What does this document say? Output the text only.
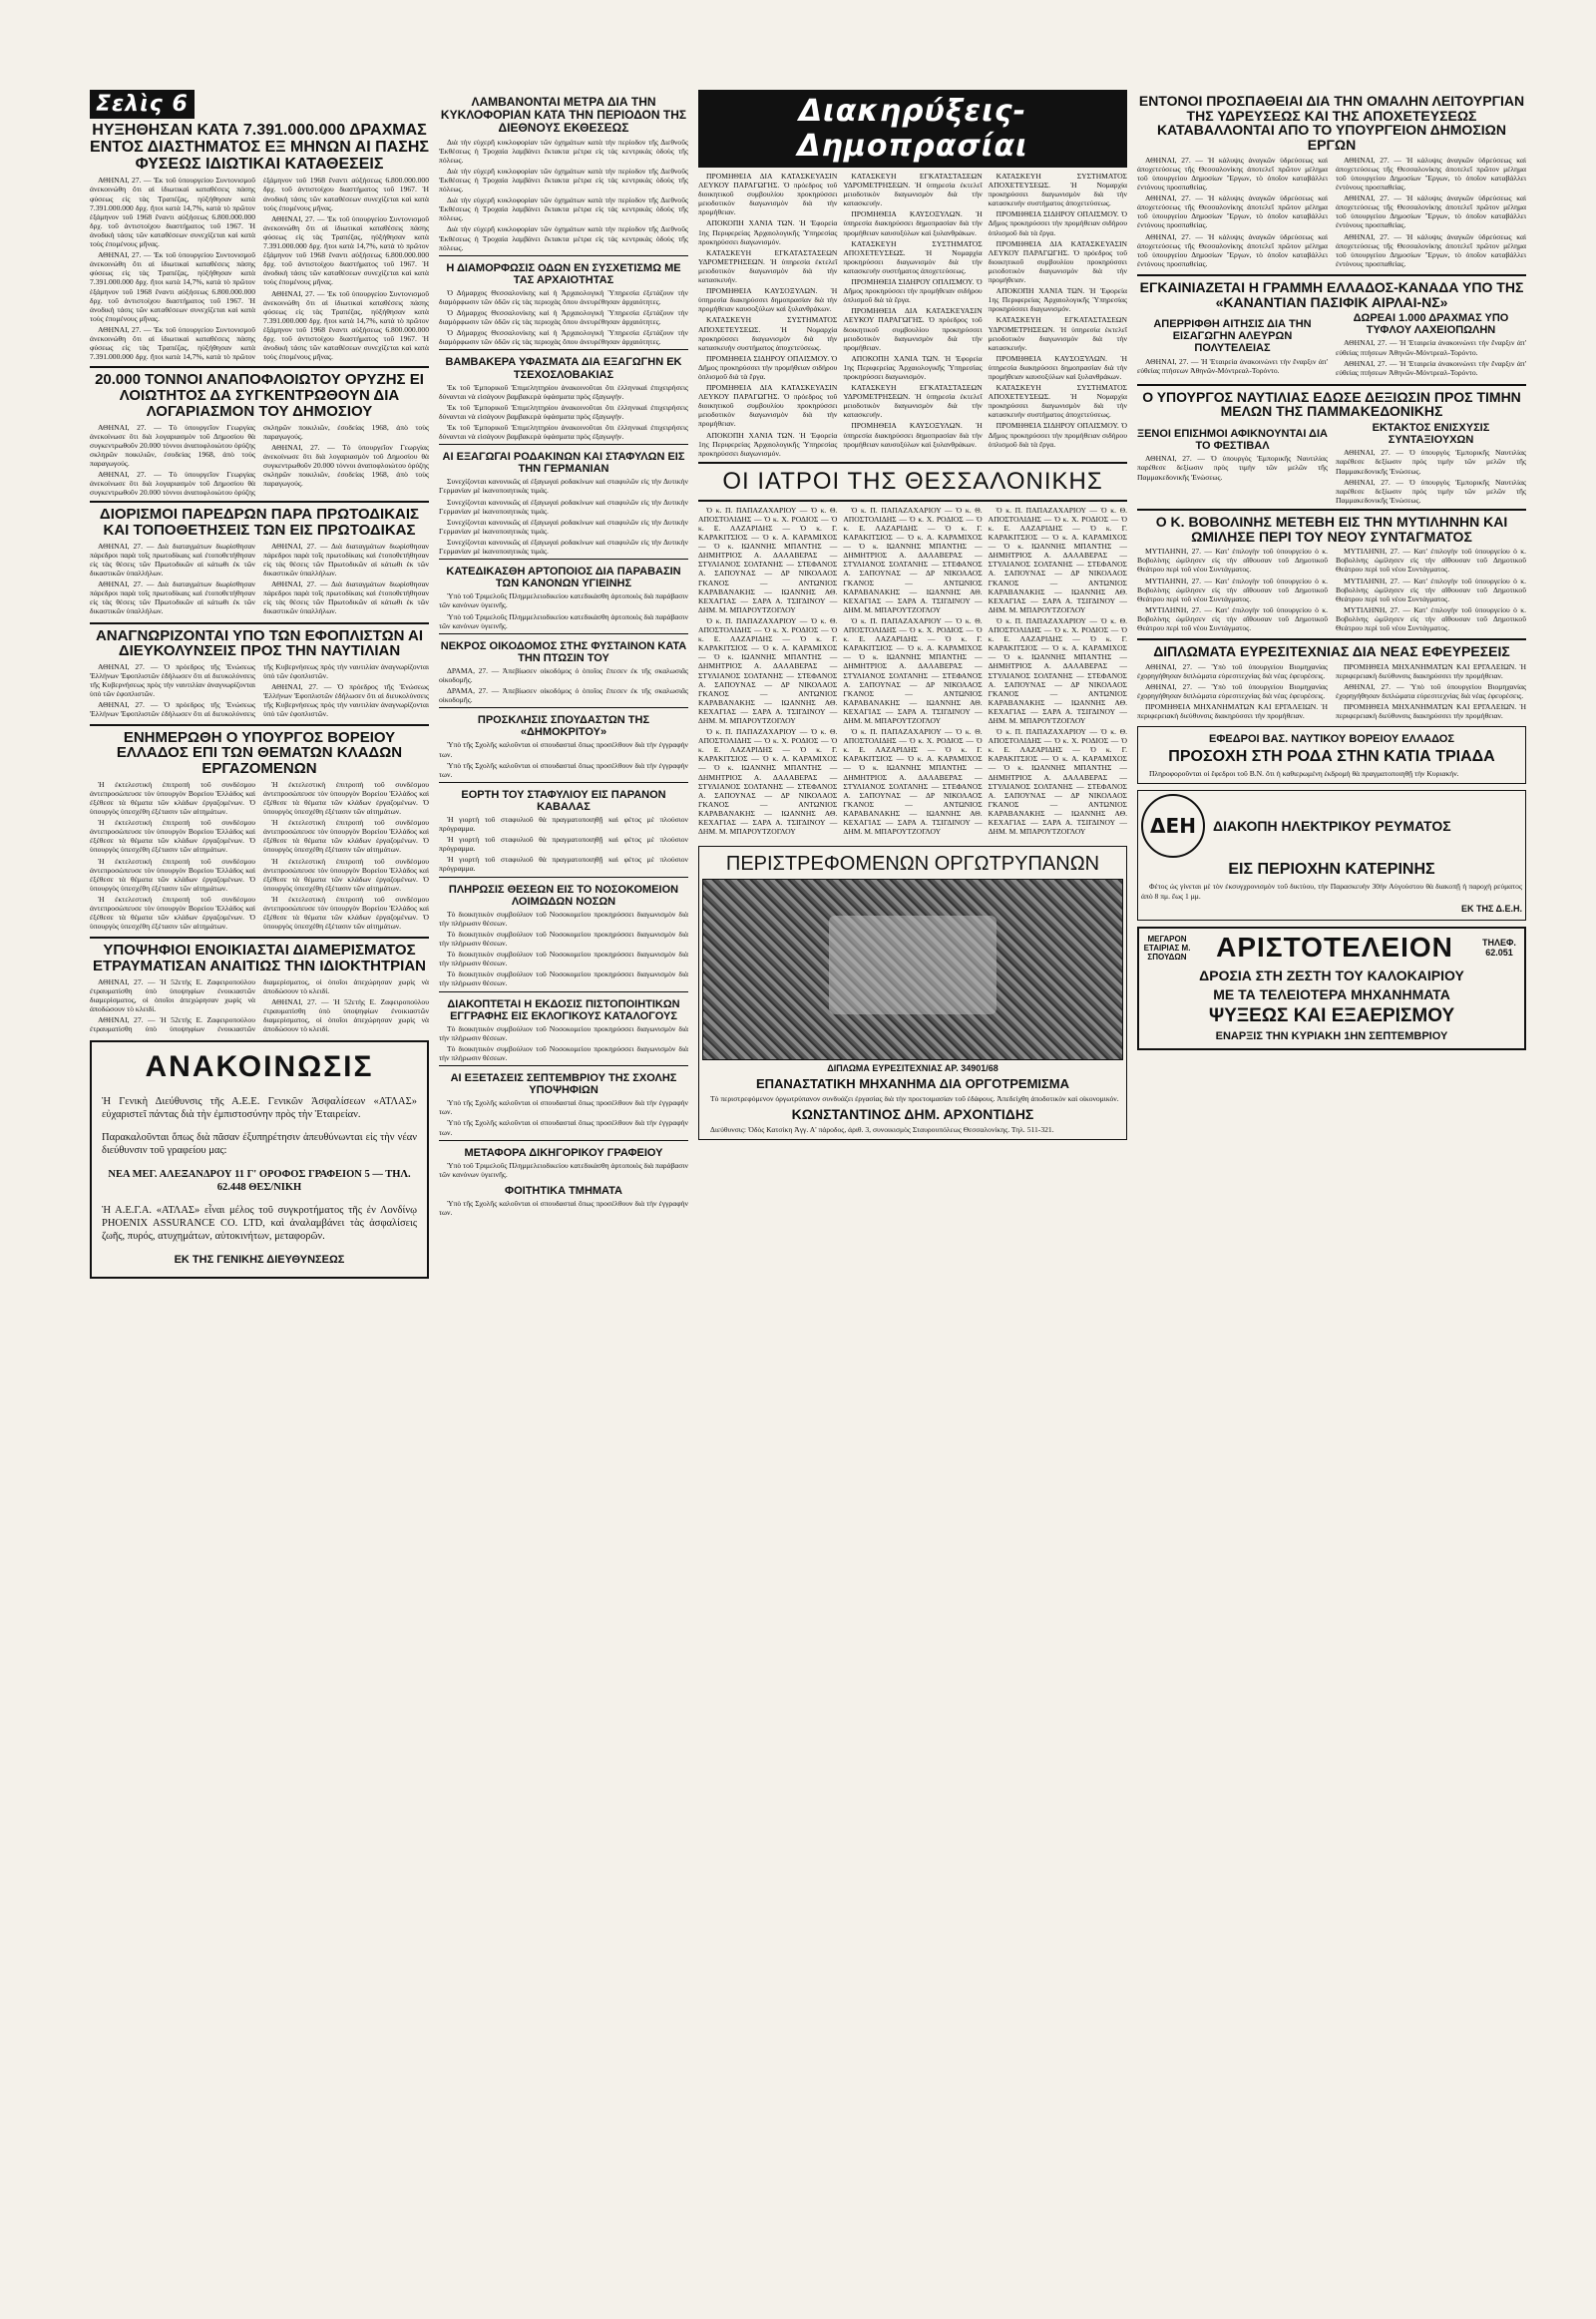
Σελὶς 6
ΗΥΞΗΘΗΣΑΝ ΚΑΤΑ 7.391.000.000 ΔΡΑΧΜΑΣ ΕΝΤΟΣ ΔΙΑΣΤΗΜΑΤΟΣ ΕΞ ΜΗΝΩΝ ΑΙ ΠΑΣΗΣ ΦΥΣΕΩΣ ΙΔΙΩΤΙΚΑΙ ΚΑΤΑΘΕΣΕΙΣ

ΑΘΗΝΑΙ, 27. — Ἐκ τοῦ ὑπουργείου Συντονισμοῦ ἀνεκοινώθη ὅτι αἱ ἰδιωτικαὶ καταθέσεις πάσης φύσεως εἰς τὰς Τραπέζας, ηὐξήθησαν κατὰ 7.391.000.000 δρχ. ἤτοι κατὰ 14,7%, κατὰ τὸ πρῶτον ἑξάμηνον τοῦ 1968 ἔναντι αὐξήσεως 6.800.000.000 δρχ. τοῦ ἀντιστοίχου διαστήματος τοῦ 1967. Ἡ ἀνοδικὴ τάσις τῶν καταθέσεων συνεχίζεται καὶ κατὰ τοὺς ἐπομένους μῆνας.

ΑΘΗΝΑΙ, 27. — Ἐκ τοῦ ὑπουργείου Συντονισμοῦ ἀνεκοινώθη ὅτι αἱ ἰδιωτικαὶ καταθέσεις πάσης φύσεως εἰς τὰς Τραπέζας, ηὐξήθησαν κατὰ 7.391.000.000 δρχ. ἤτοι κατὰ 14,7%, κατὰ τὸ πρῶτον ἑξάμηνον τοῦ 1968 ἔναντι αὐξήσεως 6.800.000.000 δρχ. τοῦ ἀντιστοίχου διαστήματος τοῦ 1967. Ἡ ἀνοδικὴ τάσις τῶν καταθέσεων συνεχίζεται καὶ κατὰ τοὺς ἐπομένους μῆνας.

ΑΘΗΝΑΙ, 27. — Ἐκ τοῦ ὑπουργείου Συντονισμοῦ ἀνεκοινώθη ὅτι αἱ ἰδιωτικαὶ καταθέσεις πάσης φύσεως εἰς τὰς Τραπέζας, ηὐξήθησαν κατὰ 7.391.000.000 δρχ. ἤτοι κατὰ 14,7%, κατὰ τὸ πρῶτον ἑξάμηνον τοῦ 1968 ἔναντι αὐξήσεως 6.800.000.000 δρχ. τοῦ ἀντιστοίχου διαστήματος τοῦ 1967. Ἡ ἀνοδικὴ τάσις τῶν καταθέσεων συνεχίζεται καὶ κατὰ τοὺς ἐπομένους μῆνας.

ΑΘΗΝΑΙ, 27. — Ἐκ τοῦ ὑπουργείου Συντονισμοῦ ἀνεκοινώθη ὅτι αἱ ἰδιωτικαὶ καταθέσεις πάσης φύσεως εἰς τὰς Τραπέζας, ηὐξήθησαν κατὰ 7.391.000.000 δρχ. ἤτοι κατὰ 14,7%, κατὰ τὸ πρῶτον ἑξάμηνον τοῦ 1968 ἔναντι αὐξήσεως 6.800.000.000 δρχ. τοῦ ἀντιστοίχου διαστήματος τοῦ 1967. Ἡ ἀνοδικὴ τάσις τῶν καταθέσεων συνεχίζεται καὶ κατὰ τοὺς ἐπομένους μῆνας.

ΑΘΗΝΑΙ, 27. — Ἐκ τοῦ ὑπουργείου Συντονισμοῦ ἀνεκοινώθη ὅτι αἱ ἰδιωτικαὶ καταθέσεις πάσης φύσεως εἰς τὰς Τραπέζας, ηὐξήθησαν κατὰ 7.391.000.000 δρχ. ἤτοι κατὰ 14,7%, κατὰ τὸ πρῶτον ἑξάμηνον τοῦ 1968 ἔναντι αὐξήσεως 6.800.000.000 δρχ. τοῦ ἀντιστοίχου διαστήματος τοῦ 1967. Ἡ ἀνοδικὴ τάσις τῶν καταθέσεων συνεχίζεται καὶ κατὰ τοὺς ἐπομένους μῆνας.

20.000 ΤΟΝΝΟΙ ΑΝΑΠΟΦΛΟΙΩΤΟΥ ΟΡΥΖΗΣ ΕΙ ΛΟΙΩΤΗΤΟΣ ΔΑ ΣΥΓΚΕΝΤΡΩΘΟΥΝ ΔΙΑ ΛΟΓΑΡΙΑΣΜΟΝ ΤΟΥ ΔΗΜΟΣΙΟΥ

ΑΘΗΝΑΙ, 27. — Τὸ ὑπουργεῖον Γεωργίας ἀνεκοίνωσε ὅτι διὰ λογαριασμὸν τοῦ Δημοσίου θὰ συγκεντρωθοῦν 20.000 τόννοι ἀναποφλοιώτου ὀρύζης σκληρῶν ποικιλιῶν, ἐσοδείας 1968, ἀπὸ τοὺς παραγωγούς.

ΑΘΗΝΑΙ, 27. — Τὸ ὑπουργεῖον Γεωργίας ἀνεκοίνωσε ὅτι διὰ λογαριασμὸν τοῦ Δημοσίου θὰ συγκεντρωθοῦν 20.000 τόννοι ἀναποφλοιώτου ὀρύζης σκληρῶν ποικιλιῶν, ἐσοδείας 1968, ἀπὸ τοὺς παραγωγούς.

ΑΘΗΝΑΙ, 27. — Τὸ ὑπουργεῖον Γεωργίας ἀνεκοίνωσε ὅτι διὰ λογαριασμὸν τοῦ Δημοσίου θὰ συγκεντρωθοῦν 20.000 τόννοι ἀναποφλοιώτου ὀρύζης σκληρῶν ποικιλιῶν, ἐσοδείας 1968, ἀπὸ τοὺς παραγωγούς.

ΔΙΟΡΙΣΜΟΙ ΠΑΡΕΔΡΩΝ ΠΑΡΑ ΠΡΩΤΟΔΙΚΑΙΣ ΚΑΙ ΤΟΠΟΘΕΤΗΣΕΙΣ ΤΩΝ ΕΙΣ ΠΡΩΤΟΔΙΚΑΣ

ΑΘΗΝΑΙ, 27. — Διὰ διαταγμάτων διωρίσθησαν πάρεδροι παρὰ τοῖς πρωτοδίκαις καὶ ἐτοποθετήθησαν εἰς τὰς θέσεις τῶν Πρωτοδικῶν αἱ κάτωθι ἐκ τῶν δικαστικῶν ὑπαλλήλων.

ΑΘΗΝΑΙ, 27. — Διὰ διαταγμάτων διωρίσθησαν πάρεδροι παρὰ τοῖς πρωτοδίκαις καὶ ἐτοποθετήθησαν εἰς τὰς θέσεις τῶν Πρωτοδικῶν αἱ κάτωθι ἐκ τῶν δικαστικῶν ὑπαλλήλων.

ΑΘΗΝΑΙ, 27. — Διὰ διαταγμάτων διωρίσθησαν πάρεδροι παρὰ τοῖς πρωτοδίκαις καὶ ἐτοποθετήθησαν εἰς τὰς θέσεις τῶν Πρωτοδικῶν αἱ κάτωθι ἐκ τῶν δικαστικῶν ὑπαλλήλων.

ΑΘΗΝΑΙ, 27. — Διὰ διαταγμάτων διωρίσθησαν πάρεδροι παρὰ τοῖς πρωτοδίκαις καὶ ἐτοποθετήθησαν εἰς τὰς θέσεις τῶν Πρωτοδικῶν αἱ κάτωθι ἐκ τῶν δικαστικῶν ὑπαλλήλων.

ΑΝΑΓΝΩΡΙΖΟΝΤΑΙ ΥΠΟ ΤΩΝ ΕΦΟΠΛΙΣΤΩΝ ΑΙ ΔΙΕΥΚΟΛΥΝΣΕΙΣ ΠΡΟΣ ΤΗΝ ΝΑΥΤΙΛΙΑΝ

ΑΘΗΝΑΙ, 27. — Ὁ πρόεδρος τῆς Ἑνώσεως Ἑλλήνων Ἐφοπλιστῶν ἐδήλωσεν ὅτι αἱ διευκολύνσεις τῆς Κυβερνήσεως πρὸς τὴν ναυτιλίαν ἀναγνωρίζονται ὑπὸ τῶν ἐφοπλιστῶν.

ΑΘΗΝΑΙ, 27. — Ὁ πρόεδρος τῆς Ἑνώσεως Ἑλλήνων Ἐφοπλιστῶν ἐδήλωσεν ὅτι αἱ διευκολύνσεις τῆς Κυβερνήσεως πρὸς τὴν ναυτιλίαν ἀναγνωρίζονται ὑπὸ τῶν ἐφοπλιστῶν.

ΑΘΗΝΑΙ, 27. — Ὁ πρόεδρος τῆς Ἑνώσεως Ἑλλήνων Ἐφοπλιστῶν ἐδήλωσεν ὅτι αἱ διευκολύνσεις τῆς Κυβερνήσεως πρὸς τὴν ναυτιλίαν ἀναγνωρίζονται ὑπὸ τῶν ἐφοπλιστῶν.

ΕΝΗΜΕΡΩΘΗ Ο ΥΠΟΥΡΓΟΣ ΒΟΡΕΙΟΥ ΕΛΛΑΔΟΣ ΕΠΙ ΤΩΝ ΘΕΜΑΤΩΝ ΚΛΑΔΩΝ ΕΡΓΑΖΟΜΕΝΩΝ

Ἡ ἐκτελεστικὴ ἐπιτροπὴ τοῦ συνδέσμου ἀντεπροσώπευσε τὸν ὑπουργὸν Βορείου Ἑλλάδος καὶ ἐξέθεσε τὰ θέματα τῶν κλάδων ἐργαζομένων. Ὁ ὑπουργὸς ὑπεσχέθη ἐξέτασιν τῶν αἰτημάτων.

Ἡ ἐκτελεστικὴ ἐπιτροπὴ τοῦ συνδέσμου ἀντεπροσώπευσε τὸν ὑπουργὸν Βορείου Ἑλλάδος καὶ ἐξέθεσε τὰ θέματα τῶν κλάδων ἐργαζομένων. Ὁ ὑπουργὸς ὑπεσχέθη ἐξέτασιν τῶν αἰτημάτων.

Ἡ ἐκτελεστικὴ ἐπιτροπὴ τοῦ συνδέσμου ἀντεπροσώπευσε τὸν ὑπουργὸν Βορείου Ἑλλάδος καὶ ἐξέθεσε τὰ θέματα τῶν κλάδων ἐργαζομένων. Ὁ ὑπουργὸς ὑπεσχέθη ἐξέτασιν τῶν αἰτημάτων.

Ἡ ἐκτελεστικὴ ἐπιτροπὴ τοῦ συνδέσμου ἀντεπροσώπευσε τὸν ὑπουργὸν Βορείου Ἑλλάδος καὶ ἐξέθεσε τὰ θέματα τῶν κλάδων ἐργαζομένων. Ὁ ὑπουργὸς ὑπεσχέθη ἐξέτασιν τῶν αἰτημάτων.

Ἡ ἐκτελεστικὴ ἐπιτροπὴ τοῦ συνδέσμου ἀντεπροσώπευσε τὸν ὑπουργὸν Βορείου Ἑλλάδος καὶ ἐξέθεσε τὰ θέματα τῶν κλάδων ἐργαζομένων. Ὁ ὑπουργὸς ὑπεσχέθη ἐξέτασιν τῶν αἰτημάτων.

Ἡ ἐκτελεστικὴ ἐπιτροπὴ τοῦ συνδέσμου ἀντεπροσώπευσε τὸν ὑπουργὸν Βορείου Ἑλλάδος καὶ ἐξέθεσε τὰ θέματα τῶν κλάδων ἐργαζομένων. Ὁ ὑπουργὸς ὑπεσχέθη ἐξέτασιν τῶν αἰτημάτων.

Ἡ ἐκτελεστικὴ ἐπιτροπὴ τοῦ συνδέσμου ἀντεπροσώπευσε τὸν ὑπουργὸν Βορείου Ἑλλάδος καὶ ἐξέθεσε τὰ θέματα τῶν κλάδων ἐργαζομένων. Ὁ ὑπουργὸς ὑπεσχέθη ἐξέτασιν τῶν αἰτημάτων.

Ἡ ἐκτελεστικὴ ἐπιτροπὴ τοῦ συνδέσμου ἀντεπροσώπευσε τὸν ὑπουργὸν Βορείου Ἑλλάδος καὶ ἐξέθεσε τὰ θέματα τῶν κλάδων ἐργαζομένων. Ὁ ὑπουργὸς ὑπεσχέθη ἐξέτασιν τῶν αἰτημάτων.

ΥΠΟΨΗΦΙΟΙ ΕΝΟΙΚΙΑΣΤΑΙ ΔΙΑΜΕΡΙΣΜΑΤΟΣ ΕΤΡΑΥΜΑΤΙΣΑΝ ΑΝΑΙΤΙΩΣ ΤΗΝ ΙΔΙΟΚΤΗΤΡΙΑΝ

ΑΘΗΝΑΙ, 27. — Ἡ 52ετὴς Ε. Ζαφειροπούλου ἐτραυματίσθη ὑπὸ ὑποψηφίων ἐνοικιαστῶν διαμερίσματος, οἱ ὁποῖοι ἀπεχώρησαν χωρὶς νὰ ἀποδώσουν τὸ κλειδί.

ΑΘΗΝΑΙ, 27. — Ἡ 52ετὴς Ε. Ζαφειροπούλου ἐτραυματίσθη ὑπὸ ὑποψηφίων ἐνοικιαστῶν διαμερίσματος, οἱ ὁποῖοι ἀπεχώρησαν χωρὶς νὰ ἀποδώσουν τὸ κλειδί.

ΑΘΗΝΑΙ, 27. — Ἡ 52ετὴς Ε. Ζαφειροπούλου ἐτραυματίσθη ὑπὸ ὑποψηφίων ἐνοικιαστῶν διαμερίσματος, οἱ ὁποῖοι ἀπεχώρησαν χωρὶς νὰ ἀποδώσουν τὸ κλειδί.

ΑΝΑΚΟΙΝΩΣΙΣ

Ἡ Γενικὴ Διεύθυνσις τῆς Α.Ε.Ε. Γενικῶν Ἀσφαλίσεων «ΑΤΛΑΣ» εὐχαριστεῖ πάντας διὰ τὴν ἐμπιστοσύνην πρὸς τὴν Ἑταιρείαν.

Παρακαλοῦνται ὅπως διὰ πᾶσαν ἐξυπηρέτησιν ἀπευθύνωνται εἰς τὴν νέαν διεύθυνσιν τοῦ γραφείου μας:

ΝΕΑ ΜΕΓ. ΑΛΕΞΑΝΔΡΟΥ 11 Γ' ΟΡΟΦΟΣ ΓΡΑΦΕΙΟΝ 5 — ΤΗΛ. 62.448 ΘΕΣ/ΝΙΚΗ

Ἡ Α.Ε.Γ.Α. «ΑΤΛΑΣ» εἶναι μέλος τοῦ συγκροτήματος τῆς ἐν Λονδίνῳ PHOENIX ASSURANCE CO. LTD, καὶ ἀναλαμβάνει τὰς ἀσφαλίσεις ζωῆς, πυρός, ατυχημάτων, αὐτοκινήτων, μεταφορῶν.

ΕΚ ΤΗΣ ΓΕΝΙΚΗΣ ΔΙΕΥΘΥΝΣΕΩΣ
ΛΑΜΒΑΝΟΝΤΑΙ ΜΕΤΡΑ ΔΙΑ ΤΗΝ ΚΥΚΛΟΦΟΡΙΑΝ ΚΑΤΑ ΤΗΝ ΠΕΡΙΟΔΟΝ ΤΗΣ ΔΙΕΘΝΟΥΣ ΕΚΘΕΣΕΩΣ

Διὰ τὴν εὐχερῆ κυκλοφορίαν τῶν ὀχημάτων κατὰ τὴν περίοδον τῆς Διεθνοῦς Ἐκθέσεως ἡ Τροχαία λαμβάνει ἔκτακτα μέτρα εἰς τὰς κεντρικὰς ὁδοὺς τῆς πόλεως.

Διὰ τὴν εὐχερῆ κυκλοφορίαν τῶν ὀχημάτων κατὰ τὴν περίοδον τῆς Διεθνοῦς Ἐκθέσεως ἡ Τροχαία λαμβάνει ἔκτακτα μέτρα εἰς τὰς κεντρικὰς ὁδοὺς τῆς πόλεως.

Διὰ τὴν εὐχερῆ κυκλοφορίαν τῶν ὀχημάτων κατὰ τὴν περίοδον τῆς Διεθνοῦς Ἐκθέσεως ἡ Τροχαία λαμβάνει ἔκτακτα μέτρα εἰς τὰς κεντρικὰς ὁδοὺς τῆς πόλεως.

Διὰ τὴν εὐχερῆ κυκλοφορίαν τῶν ὀχημάτων κατὰ τὴν περίοδον τῆς Διεθνοῦς Ἐκθέσεως ἡ Τροχαία λαμβάνει ἔκτακτα μέτρα εἰς τὰς κεντρικὰς ὁδοὺς τῆς πόλεως.

Η ΔΙΑΜΟΡΦΩΣΙΣ ΟΔΩΝ ΕΝ ΣΥΣΧΕΤΙΣΜΩ ΜΕ ΤΑΣ ΑΡΧΑΙΟΤΗΤΑΣ

Ὁ Δήμαρχος Θεσσαλονίκης καὶ ἡ Ἀρχαιολογικὴ Ὑπηρεσία ἐξετάζουν τὴν διαμόρφωσιν τῶν ὁδῶν εἰς τὰς περιοχὰς ὅπου ἀνευρέθησαν ἀρχαιότητες.

Ὁ Δήμαρχος Θεσσαλονίκης καὶ ἡ Ἀρχαιολογικὴ Ὑπηρεσία ἐξετάζουν τὴν διαμόρφωσιν τῶν ὁδῶν εἰς τὰς περιοχὰς ὅπου ἀνευρέθησαν ἀρχαιότητες.

Ὁ Δήμαρχος Θεσσαλονίκης καὶ ἡ Ἀρχαιολογικὴ Ὑπηρεσία ἐξετάζουν τὴν διαμόρφωσιν τῶν ὁδῶν εἰς τὰς περιοχὰς ὅπου ἀνευρέθησαν ἀρχαιότητες.

ΒΑΜΒΑΚΕΡΑ ΥΦΑΣΜΑΤΑ ΔΙΑ ΕΞΑΓΩΓΗΝ ΕΚ ΤΣΕΧΟΣΛΟΒΑΚΙΑΣ

Ἐκ τοῦ Ἐμπορικοῦ Ἐπιμελητηρίου ἀνακοινοῦται ὅτι ἑλληνικαὶ ἐπιχειρήσεις δύνανται νὰ εἰσάγουν βαμβακερὰ ὑφάσματα πρὸς ἐξαγωγήν.

Ἐκ τοῦ Ἐμπορικοῦ Ἐπιμελητηρίου ἀνακοινοῦται ὅτι ἑλληνικαὶ ἐπιχειρήσεις δύνανται νὰ εἰσάγουν βαμβακερὰ ὑφάσματα πρὸς ἐξαγωγήν.

Ἐκ τοῦ Ἐμπορικοῦ Ἐπιμελητηρίου ἀνακοινοῦται ὅτι ἑλληνικαὶ ἐπιχειρήσεις δύνανται νὰ εἰσάγουν βαμβακερὰ ὑφάσματα πρὸς ἐξαγωγήν.

ΑΙ ΕΞΑΓΩΓΑΙ ΡΟΔΑΚΙΝΩΝ ΚΑΙ ΣΤΑΦΥΛΩΝ ΕΙΣ ΤΗΝ ΓΕΡΜΑΝΙΑΝ

Συνεχίζονται κανονικῶς αἱ ἐξαγωγαὶ ροδακίνων καὶ σταφυλῶν εἰς τὴν Δυτικὴν Γερμανίαν μὲ ἱκανοποιητικὰς τιμάς.

Συνεχίζονται κανονικῶς αἱ ἐξαγωγαὶ ροδακίνων καὶ σταφυλῶν εἰς τὴν Δυτικὴν Γερμανίαν μὲ ἱκανοποιητικὰς τιμάς.

Συνεχίζονται κανονικῶς αἱ ἐξαγωγαὶ ροδακίνων καὶ σταφυλῶν εἰς τὴν Δυτικὴν Γερμανίαν μὲ ἱκανοποιητικὰς τιμάς.

Συνεχίζονται κανονικῶς αἱ ἐξαγωγαὶ ροδακίνων καὶ σταφυλῶν εἰς τὴν Δυτικὴν Γερμανίαν μὲ ἱκανοποιητικὰς τιμάς.

ΚΑΤΕΔΙΚΑΣΘΗ ΑΡΤΟΠΟΙΟΣ ΔΙΑ ΠΑΡΑΒΑΣΙΝ ΤΩΝ ΚΑΝΟΝΩΝ ΥΓΙΕΙΝΗΣ

Ὑπὸ τοῦ Τριμελοῦς Πλημμελειοδικείου κατεδικάσθη ἀρτοποιὸς διὰ παράβασιν τῶν κανόνων ὑγιεινῆς.

Ὑπὸ τοῦ Τριμελοῦς Πλημμελειοδικείου κατεδικάσθη ἀρτοποιὸς διὰ παράβασιν τῶν κανόνων ὑγιεινῆς.

ΝΕΚΡΟΣ ΟΙΚΟΔΟΜΟΣ ΣΤΗΣ ΦΥΣΤΑΙΝΟΝ ΚΑΤΑ ΤΗΝ ΠΤΩΣΙΝ ΤΟΥ

ΔΡΑΜΑ, 27. — Ἀπεβίωσεν οἰκοδόμος ὁ ὁποῖος ἔπεσεν ἐκ τῆς σκαλωσιᾶς οἰκοδομῆς.

ΔΡΑΜΑ, 27. — Ἀπεβίωσεν οἰκοδόμος ὁ ὁποῖος ἔπεσεν ἐκ τῆς σκαλωσιᾶς οἰκοδομῆς.

ΠΡΟΣΚΛΗΣΙΣ ΣΠΟΥΔΑΣΤΩΝ ΤΗΣ «ΔΗΜΟΚΡΙΤΟΥ»

Ὑπὸ τῆς Σχολῆς καλοῦνται οἱ σπουδασταὶ ὅπως προσέλθουν διὰ τὴν ἐγγραφήν των.

Ὑπὸ τῆς Σχολῆς καλοῦνται οἱ σπουδασταὶ ὅπως προσέλθουν διὰ τὴν ἐγγραφήν των.

ΕΟΡΤΗ ΤΟΥ ΣΤΑΦΥΛΙΟΥ ΕΙΣ ΠΑΡΑΝΟΝ ΚΑΒΑΛΑΣ

Ἡ γιορτὴ τοῦ σταφυλιοῦ θὰ πραγματοποιηθῇ καὶ φέτος μὲ πλούσιον πρόγραμμα.

Ἡ γιορτὴ τοῦ σταφυλιοῦ θὰ πραγματοποιηθῇ καὶ φέτος μὲ πλούσιον πρόγραμμα.

Ἡ γιορτὴ τοῦ σταφυλιοῦ θὰ πραγματοποιηθῇ καὶ φέτος μὲ πλούσιον πρόγραμμα.

ΠΛΗΡΩΣΙΣ ΘΕΣΕΩΝ ΕΙΣ ΤΟ ΝΟΣΟΚΟΜΕΙΟΝ ΛΟΙΜΩΔΩΝ ΝΟΣΩΝ

Τὸ διοικητικὸν συμβούλιον τοῦ Νοσοκομείου προκηρύσσει διαγωνισμὸν διὰ τὴν πλήρωσιν θέσεων.

Τὸ διοικητικὸν συμβούλιον τοῦ Νοσοκομείου προκηρύσσει διαγωνισμὸν διὰ τὴν πλήρωσιν θέσεων.

Τὸ διοικητικὸν συμβούλιον τοῦ Νοσοκομείου προκηρύσσει διαγωνισμὸν διὰ τὴν πλήρωσιν θέσεων.

Τὸ διοικητικὸν συμβούλιον τοῦ Νοσοκομείου προκηρύσσει διαγωνισμὸν διὰ τὴν πλήρωσιν θέσεων.

ΔΙΑΚΟΠΤΕΤΑΙ Η ΕΚΔΟΣΙΣ ΠΙΣΤΟΠΟΙΗΤΙΚΩΝ ΕΓΓΡΑΦΗΣ ΕΙΣ ΕΚΛΟΓΙΚΟΥΣ ΚΑΤΑΛΟΓΟΥΣ

Τὸ διοικητικὸν συμβούλιον τοῦ Νοσοκομείου προκηρύσσει διαγωνισμὸν διὰ τὴν πλήρωσιν θέσεων.

Τὸ διοικητικὸν συμβούλιον τοῦ Νοσοκομείου προκηρύσσει διαγωνισμὸν διὰ τὴν πλήρωσιν θέσεων.

ΑΙ ΕΞΕΤΑΣΕΙΣ ΣΕΠΤΕΜΒΡΙΟΥ ΤΗΣ ΣΧΟΛΗΣ ΥΠΟΨΗΦΙΩΝ

Ὑπὸ τῆς Σχολῆς καλοῦνται οἱ σπουδασταὶ ὅπως προσέλθουν διὰ τὴν ἐγγραφήν των.

Ὑπὸ τῆς Σχολῆς καλοῦνται οἱ σπουδασταὶ ὅπως προσέλθουν διὰ τὴν ἐγγραφήν των.

ΜΕΤΑΦΟΡΑ ΔΙΚΗΓΟΡΙΚΟΥ ΓΡΑΦΕΙΟΥ

Ὑπὸ τοῦ Τριμελοῦς Πλημμελειοδικείου κατεδικάσθη ἀρτοποιὸς διὰ παράβασιν τῶν κανόνων ὑγιεινῆς.

ΦΟΙΤΗΤΙΚΑ ΤΜΗΜΑΤΑ

Ὑπὸ τῆς Σχολῆς καλοῦνται οἱ σπουδασταὶ ὅπως προσέλθουν διὰ τὴν ἐγγραφήν των.

Διακηρύξεις-Δημοπρασίαι

ΠΡΟΜΗΘΕΙΑ ΔΙΑ ΚΑΤΑΣΚΕΥΑΣΙΝ ΛΕΥΚΟΥ ΠΑΡΑΓΩΓΗΣ. Ὁ πρόεδρος τοῦ διοικητικοῦ συμβουλίου προκηρύσσει μειοδοτικὸν διαγωνισμὸν διὰ τὴν προμήθειαν.

ΑΠΟΚΟΠΗ ΧΑΝΙΑ ΤΩΝ. Ἡ Ἐφορεία 1ης Περιφερείας Ἀρχαιολογικῆς Ὑπηρεσίας προκηρύσσει διαγωνισμόν.

ΚΑΤΑΣΚΕΥΗ ΕΓΚΑΤΑΣΤΑΣΕΩΝ ΥΔΡΟΜΕΤΡΗΣΕΩΝ. Ἡ ὑπηρεσία ἐκτελεῖ μειοδοτικὸν διαγωνισμὸν διὰ τὴν κατασκευήν.

ΠΡΟΜΗΘΕΙΑ ΚΑΥΣΟΞΥΛΩΝ. Ἡ ὑπηρεσία διακηρύσσει δημοπρασίαν διὰ τὴν προμήθειαν καυσοξύλων καὶ ξυλανθράκων.

ΚΑΤΑΣΚΕΥΗ ΣΥΣΤΗΜΑΤΟΣ ΑΠΟΧΕΤΕΥΣΕΩΣ. Ἡ Νομαρχία προκηρύσσει διαγωνισμὸν διὰ τὴν κατασκευὴν συστήματος ἀποχετεύσεως.

ΠΡΟΜΗΘΕΙΑ ΣΙΔΗΡΟΥ ΟΠΛΙΣΜΟΥ. Ὁ Δῆμος προκηρύσσει τὴν προμήθειαν σιδήρου ὁπλισμοῦ διὰ τὰ ἔργα.

ΠΡΟΜΗΘΕΙΑ ΔΙΑ ΚΑΤΑΣΚΕΥΑΣΙΝ ΛΕΥΚΟΥ ΠΑΡΑΓΩΓΗΣ. Ὁ πρόεδρος τοῦ διοικητικοῦ συμβουλίου προκηρύσσει μειοδοτικὸν διαγωνισμὸν διὰ τὴν προμήθειαν.

ΑΠΟΚΟΠΗ ΧΑΝΙΑ ΤΩΝ. Ἡ Ἐφορεία 1ης Περιφερείας Ἀρχαιολογικῆς Ὑπηρεσίας προκηρύσσει διαγωνισμόν.

ΚΑΤΑΣΚΕΥΗ ΕΓΚΑΤΑΣΤΑΣΕΩΝ ΥΔΡΟΜΕΤΡΗΣΕΩΝ. Ἡ ὑπηρεσία ἐκτελεῖ μειοδοτικὸν διαγωνισμὸν διὰ τὴν κατασκευήν.

ΠΡΟΜΗΘΕΙΑ ΚΑΥΣΟΞΥΛΩΝ. Ἡ ὑπηρεσία διακηρύσσει δημοπρασίαν διὰ τὴν προμήθειαν καυσοξύλων καὶ ξυλανθράκων.

ΚΑΤΑΣΚΕΥΗ ΣΥΣΤΗΜΑΤΟΣ ΑΠΟΧΕΤΕΥΣΕΩΣ. Ἡ Νομαρχία προκηρύσσει διαγωνισμὸν διὰ τὴν κατασκευὴν συστήματος ἀποχετεύσεως.

ΠΡΟΜΗΘΕΙΑ ΣΙΔΗΡΟΥ ΟΠΛΙΣΜΟΥ. Ὁ Δῆμος προκηρύσσει τὴν προμήθειαν σιδήρου ὁπλισμοῦ διὰ τὰ ἔργα.

ΠΡΟΜΗΘΕΙΑ ΔΙΑ ΚΑΤΑΣΚΕΥΑΣΙΝ ΛΕΥΚΟΥ ΠΑΡΑΓΩΓΗΣ. Ὁ πρόεδρος τοῦ διοικητικοῦ συμβουλίου προκηρύσσει μειοδοτικὸν διαγωνισμὸν διὰ τὴν προμήθειαν.

ΑΠΟΚΟΠΗ ΧΑΝΙΑ ΤΩΝ. Ἡ Ἐφορεία 1ης Περιφερείας Ἀρχαιολογικῆς Ὑπηρεσίας προκηρύσσει διαγωνισμόν.

ΚΑΤΑΣΚΕΥΗ ΕΓΚΑΤΑΣΤΑΣΕΩΝ ΥΔΡΟΜΕΤΡΗΣΕΩΝ. Ἡ ὑπηρεσία ἐκτελεῖ μειοδοτικὸν διαγωνισμὸν διὰ τὴν κατασκευήν.

ΠΡΟΜΗΘΕΙΑ ΚΑΥΣΟΞΥΛΩΝ. Ἡ ὑπηρεσία διακηρύσσει δημοπρασίαν διὰ τὴν προμήθειαν καυσοξύλων καὶ ξυλανθράκων.

ΚΑΤΑΣΚΕΥΗ ΣΥΣΤΗΜΑΤΟΣ ΑΠΟΧΕΤΕΥΣΕΩΣ. Ἡ Νομαρχία προκηρύσσει διαγωνισμὸν διὰ τὴν κατασκευὴν συστήματος ἀποχετεύσεως.

ΠΡΟΜΗΘΕΙΑ ΣΙΔΗΡΟΥ ΟΠΛΙΣΜΟΥ. Ὁ Δῆμος προκηρύσσει τὴν προμήθειαν σιδήρου ὁπλισμοῦ διὰ τὰ ἔργα.

ΠΡΟΜΗΘΕΙΑ ΔΙΑ ΚΑΤΑΣΚΕΥΑΣΙΝ ΛΕΥΚΟΥ ΠΑΡΑΓΩΓΗΣ. Ὁ πρόεδρος τοῦ διοικητικοῦ συμβουλίου προκηρύσσει μειοδοτικὸν διαγωνισμὸν διὰ τὴν προμήθειαν.

ΑΠΟΚΟΠΗ ΧΑΝΙΑ ΤΩΝ. Ἡ Ἐφορεία 1ης Περιφερείας Ἀρχαιολογικῆς Ὑπηρεσίας προκηρύσσει διαγωνισμόν.

ΚΑΤΑΣΚΕΥΗ ΕΓΚΑΤΑΣΤΑΣΕΩΝ ΥΔΡΟΜΕΤΡΗΣΕΩΝ. Ἡ ὑπηρεσία ἐκτελεῖ μειοδοτικὸν διαγωνισμὸν διὰ τὴν κατασκευήν.

ΠΡΟΜΗΘΕΙΑ ΚΑΥΣΟΞΥΛΩΝ. Ἡ ὑπηρεσία διακηρύσσει δημοπρασίαν διὰ τὴν προμήθειαν καυσοξύλων καὶ ξυλανθράκων.

ΚΑΤΑΣΚΕΥΗ ΣΥΣΤΗΜΑΤΟΣ ΑΠΟΧΕΤΕΥΣΕΩΣ. Ἡ Νομαρχία προκηρύσσει διαγωνισμὸν διὰ τὴν κατασκευὴν συστήματος ἀποχετεύσεως.

ΠΡΟΜΗΘΕΙΑ ΣΙΔΗΡΟΥ ΟΠΛΙΣΜΟΥ. Ὁ Δῆμος προκηρύσσει τὴν προμήθειαν σιδήρου ὁπλισμοῦ διὰ τὰ ἔργα.

ΟΙ ΙΑΤΡΟΙ ΤΗΣ ΘΕΣΣΑΛΟΝΙΚΗΣ

Ὁ κ. Π. ΠΑΠΑΖΑΧΑΡΙΟΥ — Ὁ κ. Θ. ΑΠΟΣΤΟΛΙΔΗΣ — Ὁ κ. Χ. ΡΟΔΙΟΣ — Ὁ κ. Ε. ΛΑΖΑΡΙΔΗΣ — Ὁ κ. Γ. ΚΑΡΑΚΙΤΣΙΟΣ — Ὁ κ. Α. ΚΑΡΑΜΙΧΟΣ — Ὁ κ. ΙΩΑΝΝΗΣ ΜΠΑΝΤΗΣ — ΔΗΜΗΤΡΙΟΣ Α. ΔΑΛΑΒΕΡΑΣ — ΣΤΥΛΙΑΝΟΣ ΣΟΛΤΑΝΗΣ — ΣΤΕΦΑΝΟΣ Α. ΣΑΠΟΥΝΑΣ — ΔΡ ΝΙΚΟΛΑΟΣ ΓΚΑΝΟΣ — ΑΝΤΩΝΙΟΣ ΚΑΡΑΒΑΝΑΚΗΣ — ΙΩΑΝΝΗΣ ΑΘ. ΚΕΧΑΓΙΑΣ — ΣΑΡΑ Α. ΤΣΙΓΔΙΝΟΥ — ΔΗΜ. Μ. ΜΠΑΡΟΥΤΖΟΓΛΟΥ

Ὁ κ. Π. ΠΑΠΑΖΑΧΑΡΙΟΥ — Ὁ κ. Θ. ΑΠΟΣΤΟΛΙΔΗΣ — Ὁ κ. Χ. ΡΟΔΙΟΣ — Ὁ κ. Ε. ΛΑΖΑΡΙΔΗΣ — Ὁ κ. Γ. ΚΑΡΑΚΙΤΣΙΟΣ — Ὁ κ. Α. ΚΑΡΑΜΙΧΟΣ — Ὁ κ. ΙΩΑΝΝΗΣ ΜΠΑΝΤΗΣ — ΔΗΜΗΤΡΙΟΣ Α. ΔΑΛΑΒΕΡΑΣ — ΣΤΥΛΙΑΝΟΣ ΣΟΛΤΑΝΗΣ — ΣΤΕΦΑΝΟΣ Α. ΣΑΠΟΥΝΑΣ — ΔΡ ΝΙΚΟΛΑΟΣ ΓΚΑΝΟΣ — ΑΝΤΩΝΙΟΣ ΚΑΡΑΒΑΝΑΚΗΣ — ΙΩΑΝΝΗΣ ΑΘ. ΚΕΧΑΓΙΑΣ — ΣΑΡΑ Α. ΤΣΙΓΔΙΝΟΥ — ΔΗΜ. Μ. ΜΠΑΡΟΥΤΖΟΓΛΟΥ

Ὁ κ. Π. ΠΑΠΑΖΑΧΑΡΙΟΥ — Ὁ κ. Θ. ΑΠΟΣΤΟΛΙΔΗΣ — Ὁ κ. Χ. ΡΟΔΙΟΣ — Ὁ κ. Ε. ΛΑΖΑΡΙΔΗΣ — Ὁ κ. Γ. ΚΑΡΑΚΙΤΣΙΟΣ — Ὁ κ. Α. ΚΑΡΑΜΙΧΟΣ — Ὁ κ. ΙΩΑΝΝΗΣ ΜΠΑΝΤΗΣ — ΔΗΜΗΤΡΙΟΣ Α. ΔΑΛΑΒΕΡΑΣ — ΣΤΥΛΙΑΝΟΣ ΣΟΛΤΑΝΗΣ — ΣΤΕΦΑΝΟΣ Α. ΣΑΠΟΥΝΑΣ — ΔΡ ΝΙΚΟΛΑΟΣ ΓΚΑΝΟΣ — ΑΝΤΩΝΙΟΣ ΚΑΡΑΒΑΝΑΚΗΣ — ΙΩΑΝΝΗΣ ΑΘ. ΚΕΧΑΓΙΑΣ — ΣΑΡΑ Α. ΤΣΙΓΔΙΝΟΥ — ΔΗΜ. Μ. ΜΠΑΡΟΥΤΖΟΓΛΟΥ

Ὁ κ. Π. ΠΑΠΑΖΑΧΑΡΙΟΥ — Ὁ κ. Θ. ΑΠΟΣΤΟΛΙΔΗΣ — Ὁ κ. Χ. ΡΟΔΙΟΣ — Ὁ κ. Ε. ΛΑΖΑΡΙΔΗΣ — Ὁ κ. Γ. ΚΑΡΑΚΙΤΣΙΟΣ — Ὁ κ. Α. ΚΑΡΑΜΙΧΟΣ — Ὁ κ. ΙΩΑΝΝΗΣ ΜΠΑΝΤΗΣ — ΔΗΜΗΤΡΙΟΣ Α. ΔΑΛΑΒΕΡΑΣ — ΣΤΥΛΙΑΝΟΣ ΣΟΛΤΑΝΗΣ — ΣΤΕΦΑΝΟΣ Α. ΣΑΠΟΥΝΑΣ — ΔΡ ΝΙΚΟΛΑΟΣ ΓΚΑΝΟΣ — ΑΝΤΩΝΙΟΣ ΚΑΡΑΒΑΝΑΚΗΣ — ΙΩΑΝΝΗΣ ΑΘ. ΚΕΧΑΓΙΑΣ — ΣΑΡΑ Α. ΤΣΙΓΔΙΝΟΥ — ΔΗΜ. Μ. ΜΠΑΡΟΥΤΖΟΓΛΟΥ

Ὁ κ. Π. ΠΑΠΑΖΑΧΑΡΙΟΥ — Ὁ κ. Θ. ΑΠΟΣΤΟΛΙΔΗΣ — Ὁ κ. Χ. ΡΟΔΙΟΣ — Ὁ κ. Ε. ΛΑΖΑΡΙΔΗΣ — Ὁ κ. Γ. ΚΑΡΑΚΙΤΣΙΟΣ — Ὁ κ. Α. ΚΑΡΑΜΙΧΟΣ — Ὁ κ. ΙΩΑΝΝΗΣ ΜΠΑΝΤΗΣ — ΔΗΜΗΤΡΙΟΣ Α. ΔΑΛΑΒΕΡΑΣ — ΣΤΥΛΙΑΝΟΣ ΣΟΛΤΑΝΗΣ — ΣΤΕΦΑΝΟΣ Α. ΣΑΠΟΥΝΑΣ — ΔΡ ΝΙΚΟΛΑΟΣ ΓΚΑΝΟΣ — ΑΝΤΩΝΙΟΣ ΚΑΡΑΒΑΝΑΚΗΣ — ΙΩΑΝΝΗΣ ΑΘ. ΚΕΧΑΓΙΑΣ — ΣΑΡΑ Α. ΤΣΙΓΔΙΝΟΥ — ΔΗΜ. Μ. ΜΠΑΡΟΥΤΖΟΓΛΟΥ

Ὁ κ. Π. ΠΑΠΑΖΑΧΑΡΙΟΥ — Ὁ κ. Θ. ΑΠΟΣΤΟΛΙΔΗΣ — Ὁ κ. Χ. ΡΟΔΙΟΣ — Ὁ κ. Ε. ΛΑΖΑΡΙΔΗΣ — Ὁ κ. Γ. ΚΑΡΑΚΙΤΣΙΟΣ — Ὁ κ. Α. ΚΑΡΑΜΙΧΟΣ — Ὁ κ. ΙΩΑΝΝΗΣ ΜΠΑΝΤΗΣ — ΔΗΜΗΤΡΙΟΣ Α. ΔΑΛΑΒΕΡΑΣ — ΣΤΥΛΙΑΝΟΣ ΣΟΛΤΑΝΗΣ — ΣΤΕΦΑΝΟΣ Α. ΣΑΠΟΥΝΑΣ — ΔΡ ΝΙΚΟΛΑΟΣ ΓΚΑΝΟΣ — ΑΝΤΩΝΙΟΣ ΚΑΡΑΒΑΝΑΚΗΣ — ΙΩΑΝΝΗΣ ΑΘ. ΚΕΧΑΓΙΑΣ — ΣΑΡΑ Α. ΤΣΙΓΔΙΝΟΥ — ΔΗΜ. Μ. ΜΠΑΡΟΥΤΖΟΓΛΟΥ

Ὁ κ. Π. ΠΑΠΑΖΑΧΑΡΙΟΥ — Ὁ κ. Θ. ΑΠΟΣΤΟΛΙΔΗΣ — Ὁ κ. Χ. ΡΟΔΙΟΣ — Ὁ κ. Ε. ΛΑΖΑΡΙΔΗΣ — Ὁ κ. Γ. ΚΑΡΑΚΙΤΣΙΟΣ — Ὁ κ. Α. ΚΑΡΑΜΙΧΟΣ — Ὁ κ. ΙΩΑΝΝΗΣ ΜΠΑΝΤΗΣ — ΔΗΜΗΤΡΙΟΣ Α. ΔΑΛΑΒΕΡΑΣ — ΣΤΥΛΙΑΝΟΣ ΣΟΛΤΑΝΗΣ — ΣΤΕΦΑΝΟΣ Α. ΣΑΠΟΥΝΑΣ — ΔΡ ΝΙΚΟΛΑΟΣ ΓΚΑΝΟΣ — ΑΝΤΩΝΙΟΣ ΚΑΡΑΒΑΝΑΚΗΣ — ΙΩΑΝΝΗΣ ΑΘ. ΚΕΧΑΓΙΑΣ — ΣΑΡΑ Α. ΤΣΙΓΔΙΝΟΥ — ΔΗΜ. Μ. ΜΠΑΡΟΥΤΖΟΓΛΟΥ

Ὁ κ. Π. ΠΑΠΑΖΑΧΑΡΙΟΥ — Ὁ κ. Θ. ΑΠΟΣΤΟΛΙΔΗΣ — Ὁ κ. Χ. ΡΟΔΙΟΣ — Ὁ κ. Ε. ΛΑΖΑΡΙΔΗΣ — Ὁ κ. Γ. ΚΑΡΑΚΙΤΣΙΟΣ — Ὁ κ. Α. ΚΑΡΑΜΙΧΟΣ — Ὁ κ. ΙΩΑΝΝΗΣ ΜΠΑΝΤΗΣ — ΔΗΜΗΤΡΙΟΣ Α. ΔΑΛΑΒΕΡΑΣ — ΣΤΥΛΙΑΝΟΣ ΣΟΛΤΑΝΗΣ — ΣΤΕΦΑΝΟΣ Α. ΣΑΠΟΥΝΑΣ — ΔΡ ΝΙΚΟΛΑΟΣ ΓΚΑΝΟΣ — ΑΝΤΩΝΙΟΣ ΚΑΡΑΒΑΝΑΚΗΣ — ΙΩΑΝΝΗΣ ΑΘ. ΚΕΧΑΓΙΑΣ — ΣΑΡΑ Α. ΤΣΙΓΔΙΝΟΥ — ΔΗΜ. Μ. ΜΠΑΡΟΥΤΖΟΓΛΟΥ

Ὁ κ. Π. ΠΑΠΑΖΑΧΑΡΙΟΥ — Ὁ κ. Θ. ΑΠΟΣΤΟΛΙΔΗΣ — Ὁ κ. Χ. ΡΟΔΙΟΣ — Ὁ κ. Ε. ΛΑΖΑΡΙΔΗΣ — Ὁ κ. Γ. ΚΑΡΑΚΙΤΣΙΟΣ — Ὁ κ. Α. ΚΑΡΑΜΙΧΟΣ — Ὁ κ. ΙΩΑΝΝΗΣ ΜΠΑΝΤΗΣ — ΔΗΜΗΤΡΙΟΣ Α. ΔΑΛΑΒΕΡΑΣ — ΣΤΥΛΙΑΝΟΣ ΣΟΛΤΑΝΗΣ — ΣΤΕΦΑΝΟΣ Α. ΣΑΠΟΥΝΑΣ — ΔΡ ΝΙΚΟΛΑΟΣ ΓΚΑΝΟΣ — ΑΝΤΩΝΙΟΣ ΚΑΡΑΒΑΝΑΚΗΣ — ΙΩΑΝΝΗΣ ΑΘ. ΚΕΧΑΓΙΑΣ — ΣΑΡΑ Α. ΤΣΙΓΔΙΝΟΥ — ΔΗΜ. Μ. ΜΠΑΡΟΥΤΖΟΓΛΟΥ

ΠΕΡΙΣΤΡΕΦΟΜΕΝΩΝ ΟΡΓΩΤΡΥΠΑΝΩΝ
ΔΙΠΛΩΜΑ ΕΥΡΕΣΙΤΕΧΝΙΑΣ ΑΡ. 34901/68
ΕΠΑΝΑΣΤΑΤΙΚΗ ΜΗΧΑΝΗΜΑ ΔΙΑ ΟΡΓΟΤΡΕΜΙΣΜΑ

Τὸ περιστρεφόμενον ὀργωτρύπανον συνδυάζει ἐργασίας διὰ τὴν προετοιμασίαν τοῦ ἐδάφους. Ἀπεδείχθη ἀποδοτικὸν καὶ οἰκονομικόν.

ΚΩΝΣΤΑΝΤΙΝΟΣ ΔΗΜ. ΑΡΧΟΝΤΙΔΗΣ

Διεύθυνσις: Ὁδὸς Κατσίκη Ἀγγ. Α' πάροδος, ἀριθ. 3, συνοικισμὸς Σταυρουπόλεως Θεσσαλονίκης. Τηλ. 511-321.

ΕΝΤΟΝΟΙ ΠΡΟΣΠΑΘΕΙΑΙ ΔΙΑ ΤΗΝ ΟΜΑΛΗΝ ΛΕΙΤΟΥΡΓΙΑΝ ΤΗΣ ΥΔΡΕΥΣΕΩΣ ΚΑΙ ΤΗΣ ΑΠΟΧΕΤΕΥΣΕΩΣ ΚΑΤΑΒΑΛΛΟΝΤΑΙ ΑΠΟ ΤΟ ΥΠΟΥΡΓΕΙΟΝ ΔΗΜΟΣΙΩΝ ΕΡΓΩΝ

ΑΘΗΝΑΙ, 27. — Ἡ κάλυψις ἀναγκῶν ὑδρεύσεως καὶ ἀποχετεύσεως τῆς Θεσσαλονίκης ἀποτελεῖ πρῶτον μέλημα τοῦ ὑπουργείου Δημοσίων Ἔργων, τὸ ὁποῖον καταβάλλει ἐντόνους προσπαθείας.

ΑΘΗΝΑΙ, 27. — Ἡ κάλυψις ἀναγκῶν ὑδρεύσεως καὶ ἀποχετεύσεως τῆς Θεσσαλονίκης ἀποτελεῖ πρῶτον μέλημα τοῦ ὑπουργείου Δημοσίων Ἔργων, τὸ ὁποῖον καταβάλλει ἐντόνους προσπαθείας.

ΑΘΗΝΑΙ, 27. — Ἡ κάλυψις ἀναγκῶν ὑδρεύσεως καὶ ἀποχετεύσεως τῆς Θεσσαλονίκης ἀποτελεῖ πρῶτον μέλημα τοῦ ὑπουργείου Δημοσίων Ἔργων, τὸ ὁποῖον καταβάλλει ἐντόνους προσπαθείας.

ΑΘΗΝΑΙ, 27. — Ἡ κάλυψις ἀναγκῶν ὑδρεύσεως καὶ ἀποχετεύσεως τῆς Θεσσαλονίκης ἀποτελεῖ πρῶτον μέλημα τοῦ ὑπουργείου Δημοσίων Ἔργων, τὸ ὁποῖον καταβάλλει ἐντόνους προσπαθείας.

ΑΘΗΝΑΙ, 27. — Ἡ κάλυψις ἀναγκῶν ὑδρεύσεως καὶ ἀποχετεύσεως τῆς Θεσσαλονίκης ἀποτελεῖ πρῶτον μέλημα τοῦ ὑπουργείου Δημοσίων Ἔργων, τὸ ὁποῖον καταβάλλει ἐντόνους προσπαθείας.

ΑΘΗΝΑΙ, 27. — Ἡ κάλυψις ἀναγκῶν ὑδρεύσεως καὶ ἀποχετεύσεως τῆς Θεσσαλονίκης ἀποτελεῖ πρῶτον μέλημα τοῦ ὑπουργείου Δημοσίων Ἔργων, τὸ ὁποῖον καταβάλλει ἐντόνους προσπαθείας.

ΕΓΚΑΙΝΙΑΖΕΤΑΙ Η ΓΡΑΜΜΗ ΕΛΛΑΔΟΣ-ΚΑΝΑΔΑ ΥΠΟ ΤΗΣ «ΚΑΝΑΝΤΙΑΝ ΠΑΣΙΦΙΚ ΑΙΡΛΑΙ-ΝΣ»
ΑΠΕΡΡΙΦΘΗ ΑΙΤΗΣΙΣ ΔΙΑ ΤΗΝ ΕΙΣΑΓΩΓΗΝ ΑΛΕΥΡΩΝ ΠΟΛΥΤΕΛΕΙΑΣ

ΑΘΗΝΑΙ, 27. — Ἡ Ἑταιρεία ἀνακοινώνει τὴν ἔναρξιν ἀπ' εὐθείας πτήσεων Ἀθηνῶν-Μόντρεαλ-Τορόντο.

ΔΩΡΕΑΙ 1.000 ΔΡΑΧΜΑΣ ΥΠΟ ΤΥΦΛΟΥ ΛΑΧΕΙΟΠΩΛΗΝ

ΑΘΗΝΑΙ, 27. — Ἡ Ἑταιρεία ἀνακοινώνει τὴν ἔναρξιν ἀπ' εὐθείας πτήσεων Ἀθηνῶν-Μόντρεαλ-Τορόντο.

ΑΘΗΝΑΙ, 27. — Ἡ Ἑταιρεία ἀνακοινώνει τὴν ἔναρξιν ἀπ' εὐθείας πτήσεων Ἀθηνῶν-Μόντρεαλ-Τορόντο.

Ο ΥΠΟΥΡΓΟΣ ΝΑΥΤΙΛΙΑΣ ΕΔΩΣΕ ΔΕΞΙΩΣΙΝ ΠΡΟΣ ΤΙΜΗΝ ΜΕΛΩΝ ΤΗΣ ΠΑΜΜΑΚΕΔΟΝΙΚΗΣ
ΞΕΝΟΙ ΕΠΙΣΗΜΟΙ ΑΦΙΚΝΟΥΝΤΑΙ ΔΙΑ ΤΟ ΦΕΣΤΙΒΑΛ

ΑΘΗΝΑΙ, 27. — Ὁ ὑπουργὸς Ἐμπορικῆς Ναυτιλίας παρέθεσε δεξίωσιν πρὸς τιμὴν τῶν μελῶν τῆς Παμμακεδονικῆς Ἑνώσεως.

ΕΚΤΑΚΤΟΣ ΕΝΙΣΧΥΣΙΣ ΣΥΝΤΑΞΙΟΥΧΩΝ

ΑΘΗΝΑΙ, 27. — Ὁ ὑπουργὸς Ἐμπορικῆς Ναυτιλίας παρέθεσε δεξίωσιν πρὸς τιμὴν τῶν μελῶν τῆς Παμμακεδονικῆς Ἑνώσεως.

ΑΘΗΝΑΙ, 27. — Ὁ ὑπουργὸς Ἐμπορικῆς Ναυτιλίας παρέθεσε δεξίωσιν πρὸς τιμὴν τῶν μελῶν τῆς Παμμακεδονικῆς Ἑνώσεως.

Ο Κ. ΒΟΒΟΛΙΝΗΣ ΜΕΤΕΒΗ ΕΙΣ ΤΗΝ ΜΥΤΙΛΗΝΗΝ ΚΑΙ ΩΜΙΛΗΣΕ ΠΕΡΙ ΤΟΥ ΝΕΟΥ ΣΥΝΤΑΓΜΑΤΟΣ

ΜΥΤΙΛΗΝΗ, 27. — Κατ' ἐπιλογὴν τοῦ ὑπουργείου ὁ κ. Βοβολίνης ὡμίλησεν εἰς τὴν αἴθουσαν τοῦ Δημοτικοῦ Θεάτρου περὶ τοῦ νέου Συντάγματος.

ΜΥΤΙΛΗΝΗ, 27. — Κατ' ἐπιλογὴν τοῦ ὑπουργείου ὁ κ. Βοβολίνης ὡμίλησεν εἰς τὴν αἴθουσαν τοῦ Δημοτικοῦ Θεάτρου περὶ τοῦ νέου Συντάγματος.

ΜΥΤΙΛΗΝΗ, 27. — Κατ' ἐπιλογὴν τοῦ ὑπουργείου ὁ κ. Βοβολίνης ὡμίλησεν εἰς τὴν αἴθουσαν τοῦ Δημοτικοῦ Θεάτρου περὶ τοῦ νέου Συντάγματος.

ΜΥΤΙΛΗΝΗ, 27. — Κατ' ἐπιλογὴν τοῦ ὑπουργείου ὁ κ. Βοβολίνης ὡμίλησεν εἰς τὴν αἴθουσαν τοῦ Δημοτικοῦ Θεάτρου περὶ τοῦ νέου Συντάγματος.

ΜΥΤΙΛΗΝΗ, 27. — Κατ' ἐπιλογὴν τοῦ ὑπουργείου ὁ κ. Βοβολίνης ὡμίλησεν εἰς τὴν αἴθουσαν τοῦ Δημοτικοῦ Θεάτρου περὶ τοῦ νέου Συντάγματος.

ΜΥΤΙΛΗΝΗ, 27. — Κατ' ἐπιλογὴν τοῦ ὑπουργείου ὁ κ. Βοβολίνης ὡμίλησεν εἰς τὴν αἴθουσαν τοῦ Δημοτικοῦ Θεάτρου περὶ τοῦ νέου Συντάγματος.

ΔΙΠΛΩΜΑΤΑ ΕΥΡΕΣΙΤΕΧΝΙΑΣ ΔΙΑ ΝΕΑΣ ΕΦΕΥΡΕΣΕΙΣ

ΑΘΗΝΑΙ, 27. — Ὑπὸ τοῦ ὑπουργείου Βιομηχανίας ἐχορηγήθησαν διπλώματα εὑρεσιτεχνίας διὰ νέας ἐφευρέσεις.

ΑΘΗΝΑΙ, 27. — Ὑπὸ τοῦ ὑπουργείου Βιομηχανίας ἐχορηγήθησαν διπλώματα εὑρεσιτεχνίας διὰ νέας ἐφευρέσεις.

ΠΡΟΜΗΘΕΙΑ ΜΗΧΑΝΗΜΑΤΩΝ ΚΑΙ ΕΡΓΑΛΕΙΩΝ. Ἡ περιφερειακὴ διεύθυνσις διακηρύσσει τὴν προμήθειαν.

ΠΡΟΜΗΘΕΙΑ ΜΗΧΑΝΗΜΑΤΩΝ ΚΑΙ ΕΡΓΑΛΕΙΩΝ. Ἡ περιφερειακὴ διεύθυνσις διακηρύσσει τὴν προμήθειαν.

ΑΘΗΝΑΙ, 27. — Ὑπὸ τοῦ ὑπουργείου Βιομηχανίας ἐχορηγήθησαν διπλώματα εὑρεσιτεχνίας διὰ νέας ἐφευρέσεις.

ΠΡΟΜΗΘΕΙΑ ΜΗΧΑΝΗΜΑΤΩΝ ΚΑΙ ΕΡΓΑΛΕΙΩΝ. Ἡ περιφερειακὴ διεύθυνσις διακηρύσσει τὴν προμήθειαν.

ΕΦΕΔΡΟΙ ΒΑΣ. ΝΑΥΤΙΚΟΥ ΒΟΡΕΙΟΥ ΕΛΛΑΔΟΣ
ΠΡΟΣΟΧΗ ΣΤΗ ΡΟΔΑ ΣΤΗΝ ΚΑΤΙΑ ΤΡΙΑΔΑ

Πληροφοροῦνται οἱ ἔφεδροι τοῦ Β.Ν. ὅτι ἡ καθιερωμένη ἐκδρομὴ θὰ πραγματοποιηθῇ τὴν Κυριακήν.

ΔΕΗ	ΔΙΑΚΟΠΗ ΗΛΕΚΤΡΙΚΟΥ ΡΕΥΜΑΤΟΣ
ΕΙΣ ΠΕΡΙΟΧΗΝ ΚΑΤΕΡΙΝΗΣ

Φέτος ὡς γίνεται μὲ τὸν ἐκσυγχρονισμὸν τοῦ δικτύου, τὴν Παρασκευὴν 30ὴν Αὐγούστου θὰ διακοπῇ ἡ παροχὴ ρεύματος ἀπὸ 8 πμ. ἕως 1 μμ.

ΕΚ ΤΗΣ Δ.Ε.Η.
ΜΕΓΑΡΟΝ ΕΤΑΙΡΙΑΣ Μ. ΣΠΟΥΔΩΝ ΑΡΙΣΤΟΤΕΛΕΙΟΝ	ΤΗΛΕΦ. 62.051
ΔΡΟΣΙΑ ΣΤΗ ΖΕΣΤΗ ΤΟΥ ΚΑΛΟΚΑΙΡΙΟΥ
ΜΕ ΤΑ ΤΕΛΕΙΟΤΕΡΑ ΜΗΧΑΝΗΜΑΤΑ
ΨΥΞΕΩΣ ΚΑΙ ΕΞΑΕΡΙΣΜΟΥ
ΕΝΑΡΞΙΣ ΤΗΝ ΚΥΡΙΑΚΗ 1ΗΝ ΣΕΠΤΕΜΒΡΙΟΥ
